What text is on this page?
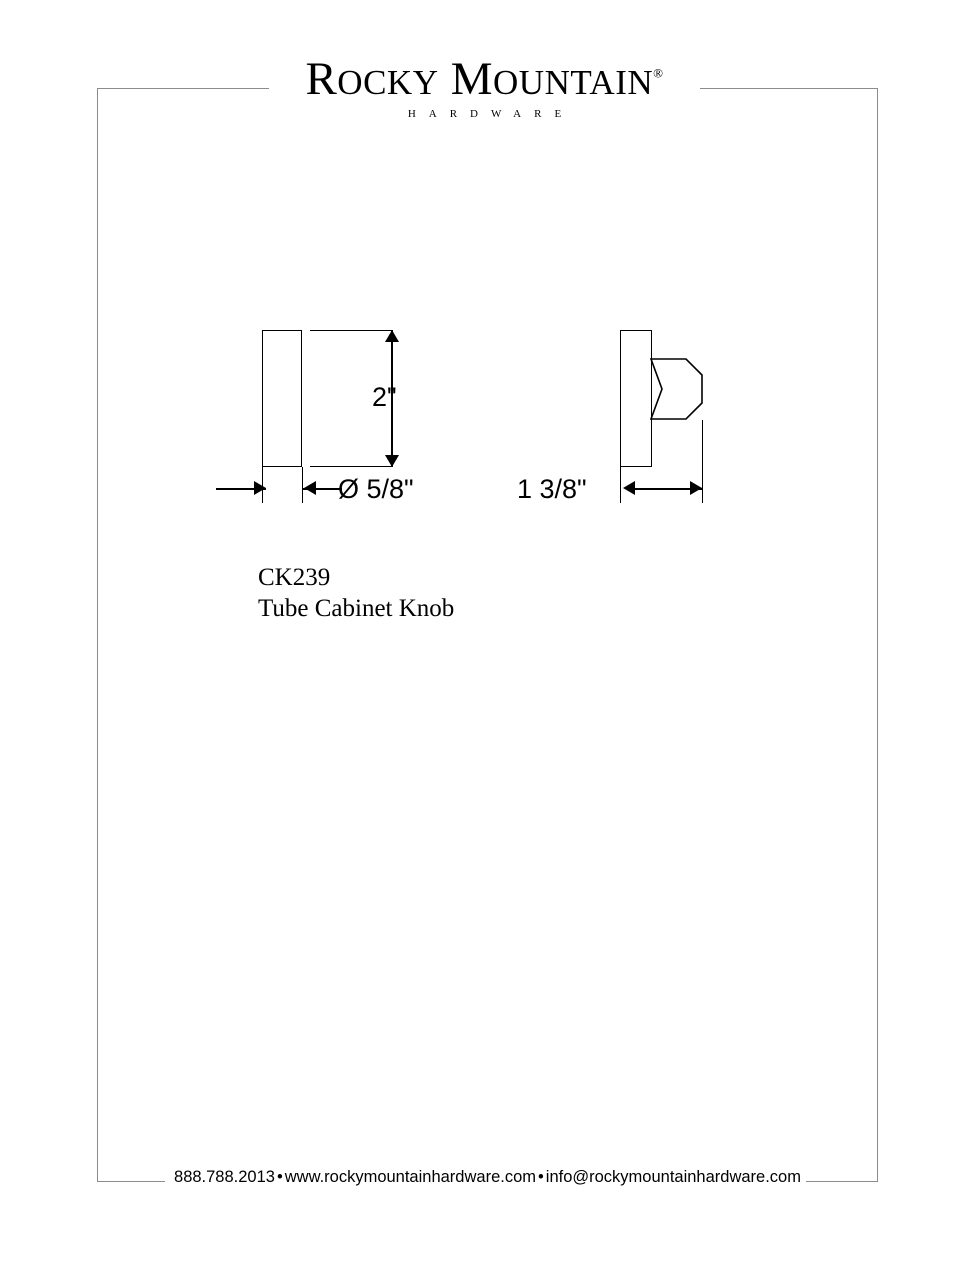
ROCKY MOUNTAIN®
HARDWARE
2"
Ø 5/8"	1 3/8"
CK239
Tube Cabinet Knob
888.788.2013 • www.rockymountainhardware.com • info@rockymountainhardware.com
